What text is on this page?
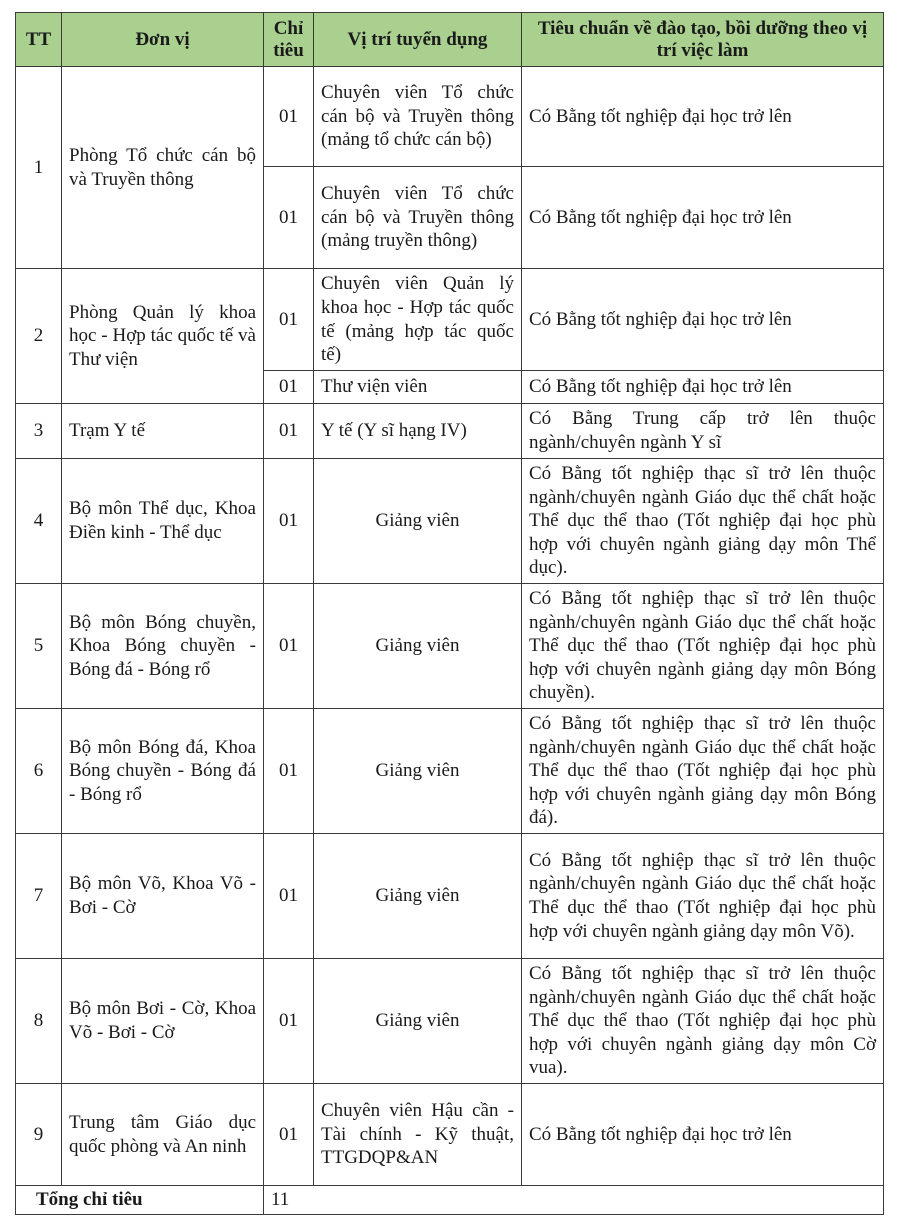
TT	Đơn vị	Chỉ tiêu	Vị trí tuyển dụng	Tiêu chuẩn về đào tạo, bồi dưỡng theo vị trí việc làm
1	Phòng Tổ chức cán bộ và Truyền thông	01	Chuyên viên Tổ chức cán bộ và Truyền thông (mảng tổ chức cán bộ)	Có Bằng tốt nghiệp đại học trở lên
		01	Chuyên viên Tổ chức cán bộ và Truyền thông (mảng truyền thông)	Có Bằng tốt nghiệp đại học trở lên
2	Phòng Quản lý khoa học - Hợp tác quốc tế và Thư viện	01	Chuyên viên Quản lý khoa học - Hợp tác quốc tế (mảng hợp tác quốc tế)	Có Bằng tốt nghiệp đại học trở lên
		01	Thư viện viên	Có Bằng tốt nghiệp đại học trở lên
3	Trạm Y tế	01	Y tế (Y sĩ hạng IV)	Có Bằng Trung cấp trở lên thuộc ngành/chuyên ngành Y sĩ
4	Bộ môn Thể dục, Khoa Điền kinh - Thể dục	01	Giảng viên	Có Bằng tốt nghiệp thạc sĩ trở lên thuộc ngành/chuyên ngành Giáo dục thể chất hoặc Thể dục thể thao (Tốt nghiệp đại học phù hợp với chuyên ngành giảng dạy môn Thể dục).
5	Bộ môn Bóng chuyền, Khoa Bóng chuyền - Bóng đá - Bóng rổ	01	Giảng viên	Có Bằng tốt nghiệp thạc sĩ trở lên thuộc ngành/chuyên ngành Giáo dục thể chất hoặc Thể dục thể thao (Tốt nghiệp đại học phù hợp với chuyên ngành giảng dạy môn Bóng chuyền).
6	Bộ môn Bóng đá, Khoa Bóng chuyền - Bóng đá - Bóng rổ	01	Giảng viên	Có Bằng tốt nghiệp thạc sĩ trở lên thuộc ngành/chuyên ngành Giáo dục thể chất hoặc Thể dục thể thao (Tốt nghiệp đại học phù hợp với chuyên ngành giảng dạy môn Bóng đá).
7	Bộ môn Võ, Khoa Võ - Bơi - Cờ	01	Giảng viên	Có Bằng tốt nghiệp thạc sĩ trở lên thuộc ngành/chuyên ngành Giáo dục thể chất hoặc Thể dục thể thao (Tốt nghiệp đại học phù hợp với chuyên ngành giảng dạy môn Võ).
8	Bộ môn Bơi - Cờ, Khoa Võ - Bơi - Cờ	01	Giảng viên	Có Bằng tốt nghiệp thạc sĩ trở lên thuộc ngành/chuyên ngành Giáo dục thể chất hoặc Thể dục thể thao (Tốt nghiệp đại học phù hợp với chuyên ngành giảng dạy môn Cờ vua).
9	Trung tâm Giáo dục quốc phòng và An ninh	01	Chuyên viên Hậu cần - Tài chính - Kỹ thuật, TTGDQP&AN	Có Bằng tốt nghiệp đại học trở lên
Tổng chỉ tiêu		11		
